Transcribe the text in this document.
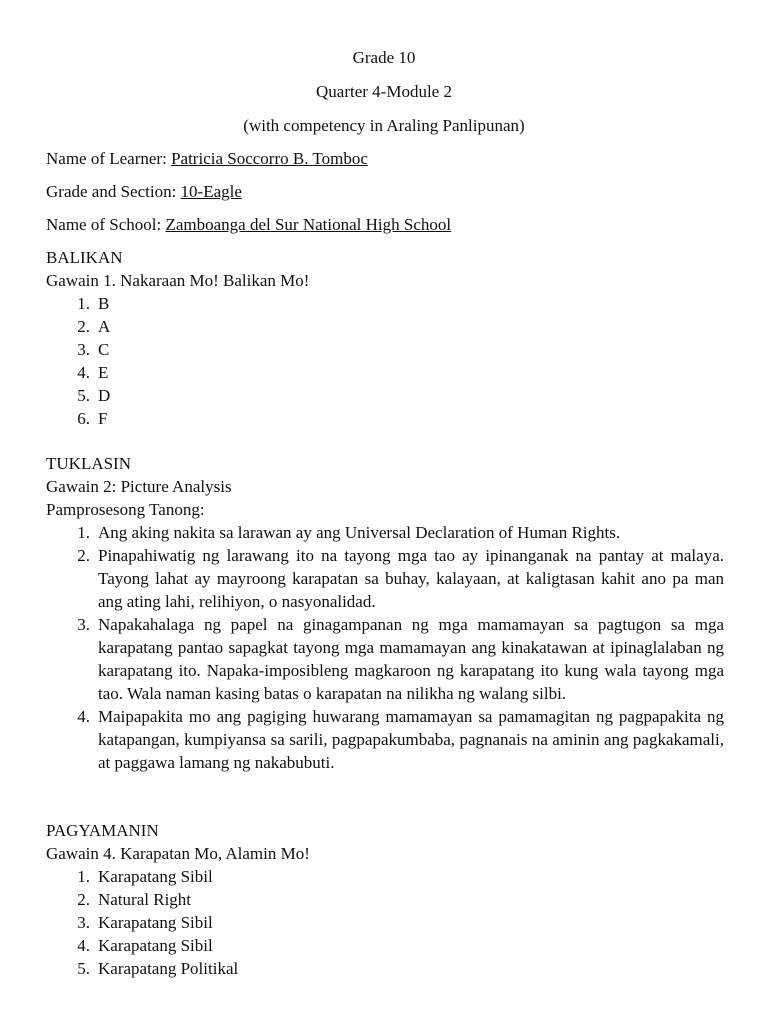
Grade 10
Quarter 4-Module 2
(with competency in Araling Panlipunan)
Name of Learner: Patricia Soccorro B. Tomboc
Grade and Section: 10-Eagle
Name of School: Zamboanga del Sur National High School
BALIKAN
Gawain 1. Nakaraan Mo! Balikan Mo!
1. B
2. A
3. C
4. E
5. D
6. F
TUKLASIN
Gawain 2: Picture Analysis
Pamprosesong Tanong:
1. Ang aking nakita sa larawan ay ang Universal Declaration of Human Rights.
2. Pinapahiwatig ng larawang ito na tayong mga tao ay ipinanganak na pantay at malaya. Tayong lahat ay mayroong karapatan sa buhay, kalayaan, at kaligtasan kahit ano pa man ang ating lahi, relihiyon, o nasyonalidad.
3. Napakahalaga ng papel na ginagampanan ng mga mamamayan sa pagtugon sa mga karapatang pantao sapagkat tayong mga mamamayan ang kinakatawan at ipinaglalaban ng karapatang ito. Napaka-imposibleng magkaroon ng karapatang ito kung wala tayong mga tao. Wala naman kasing batas o karapatan na nilikha ng walang silbi.
4. Maipapakita mo ang pagiging huwarang mamamayan sa pamamagitan ng pagpapakita ng katapangan, kumpiyansa sa sarili, pagpapakumbaba, pagnanais na aminin ang pagkakamali, at paggawa lamang ng nakabubuti.
PAGYAMANIN
Gawain 4. Karapatan Mo, Alamin Mo!
1. Karapatang Sibil
2. Natural Right
3. Karapatang Sibil
4. Karapatang Sibil
5. Karapatang Politikal
